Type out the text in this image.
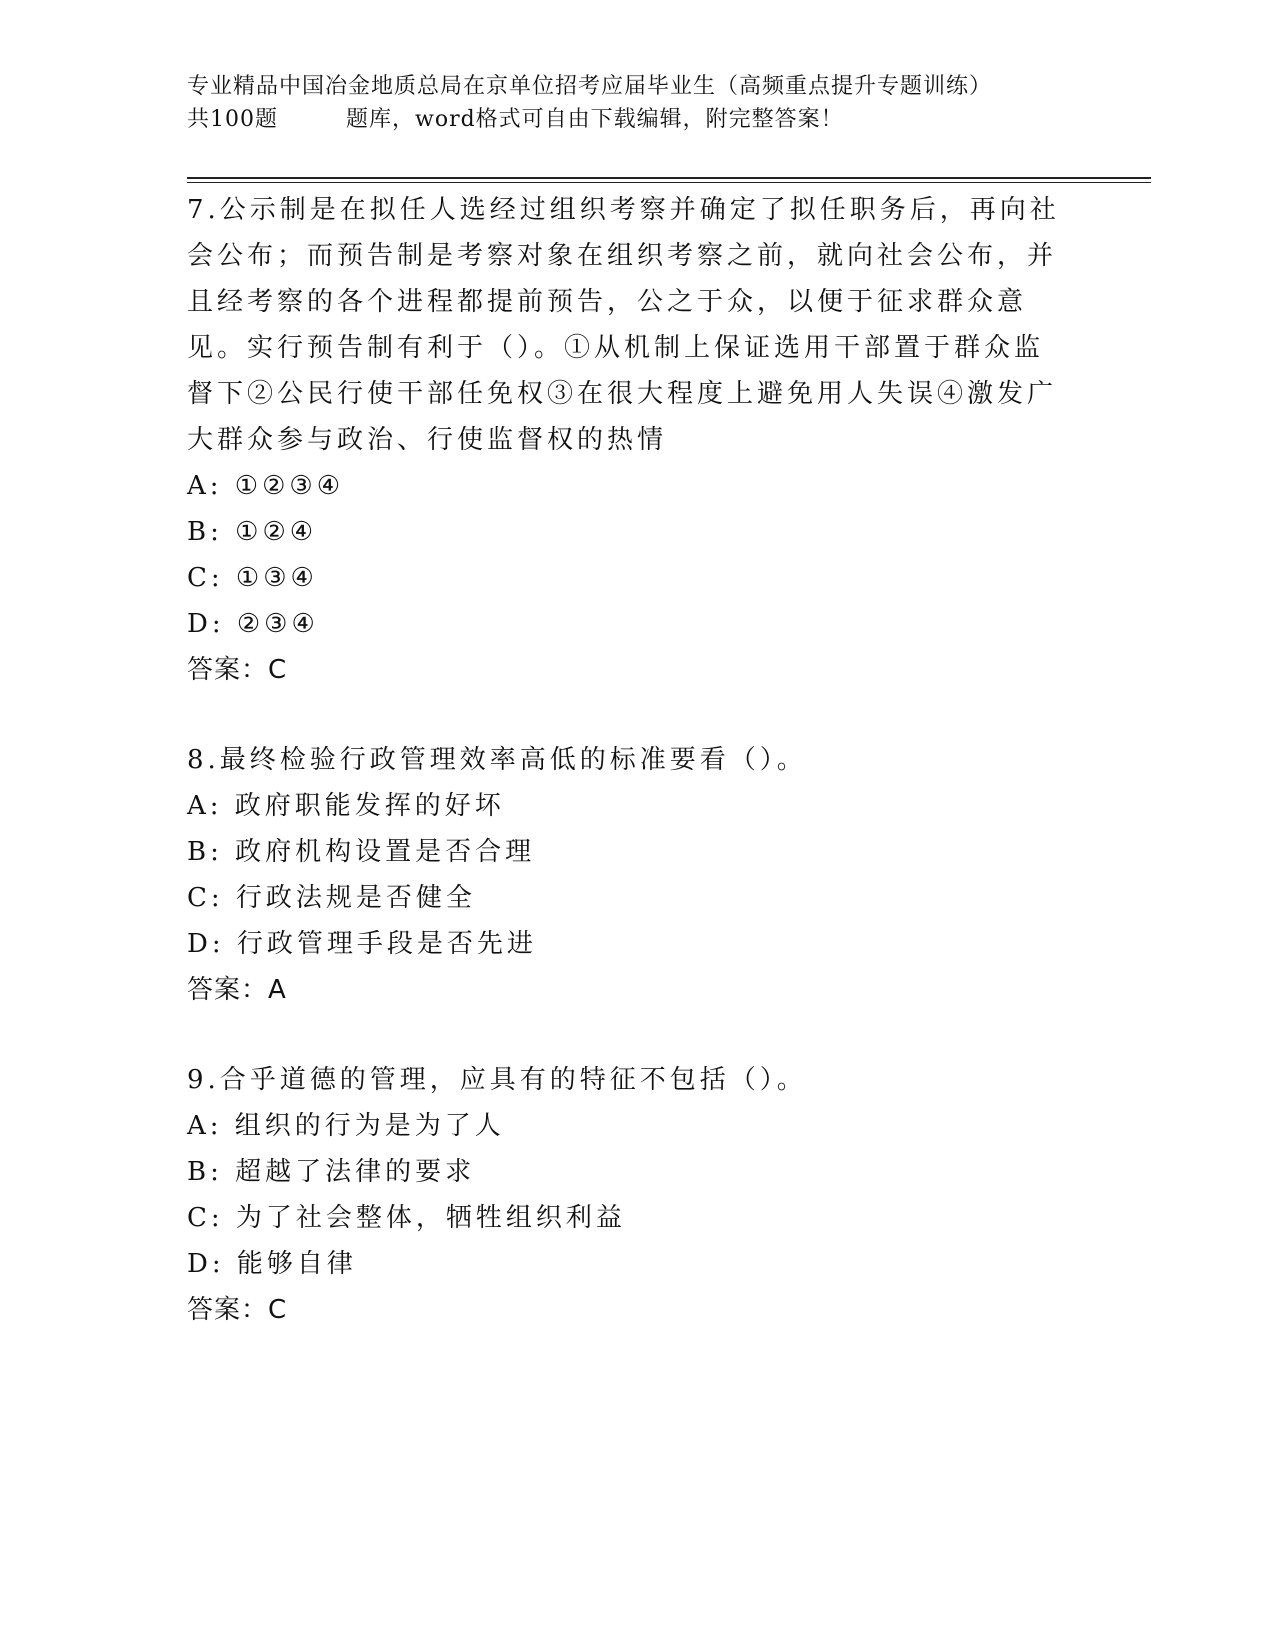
专业精品中国冶金地质总局在京单位招考应届毕业生（高频重点提升专题训练）
共100题	题库，word格式可自由下载编辑，附完整答案！
7.公示制是在拟任人选经过组织考察并确定了拟任职务后，再向社会公布；而预告制是考察对象在组织考察之前，就向社会公布，并且经考察的各个进程都提前预告，公之于众，以便于征求群众意见。实行预告制有利于（）。①从机制上保证选用干部置于群众监督下②公民行使干部任免权③在很大程度上避免用人失误④激发广大群众参与政治、行使监督权的热情
A: ①②③④
B: ①②④
C: ①③④
D: ②③④
答案：C
8.最终检验行政管理效率高低的标准要看（）。
A: 政府职能发挥的好坏
B: 政府机构设置是否合理
C: 行政法规是否健全
D: 行政管理手段是否先进
答案：A
9.合乎道德的管理，应具有的特征不包括（）。
A: 组织的行为是为了人
B: 超越了法律的要求
C: 为了社会整体，牺牲组织利益
D: 能够自律
答案：C
